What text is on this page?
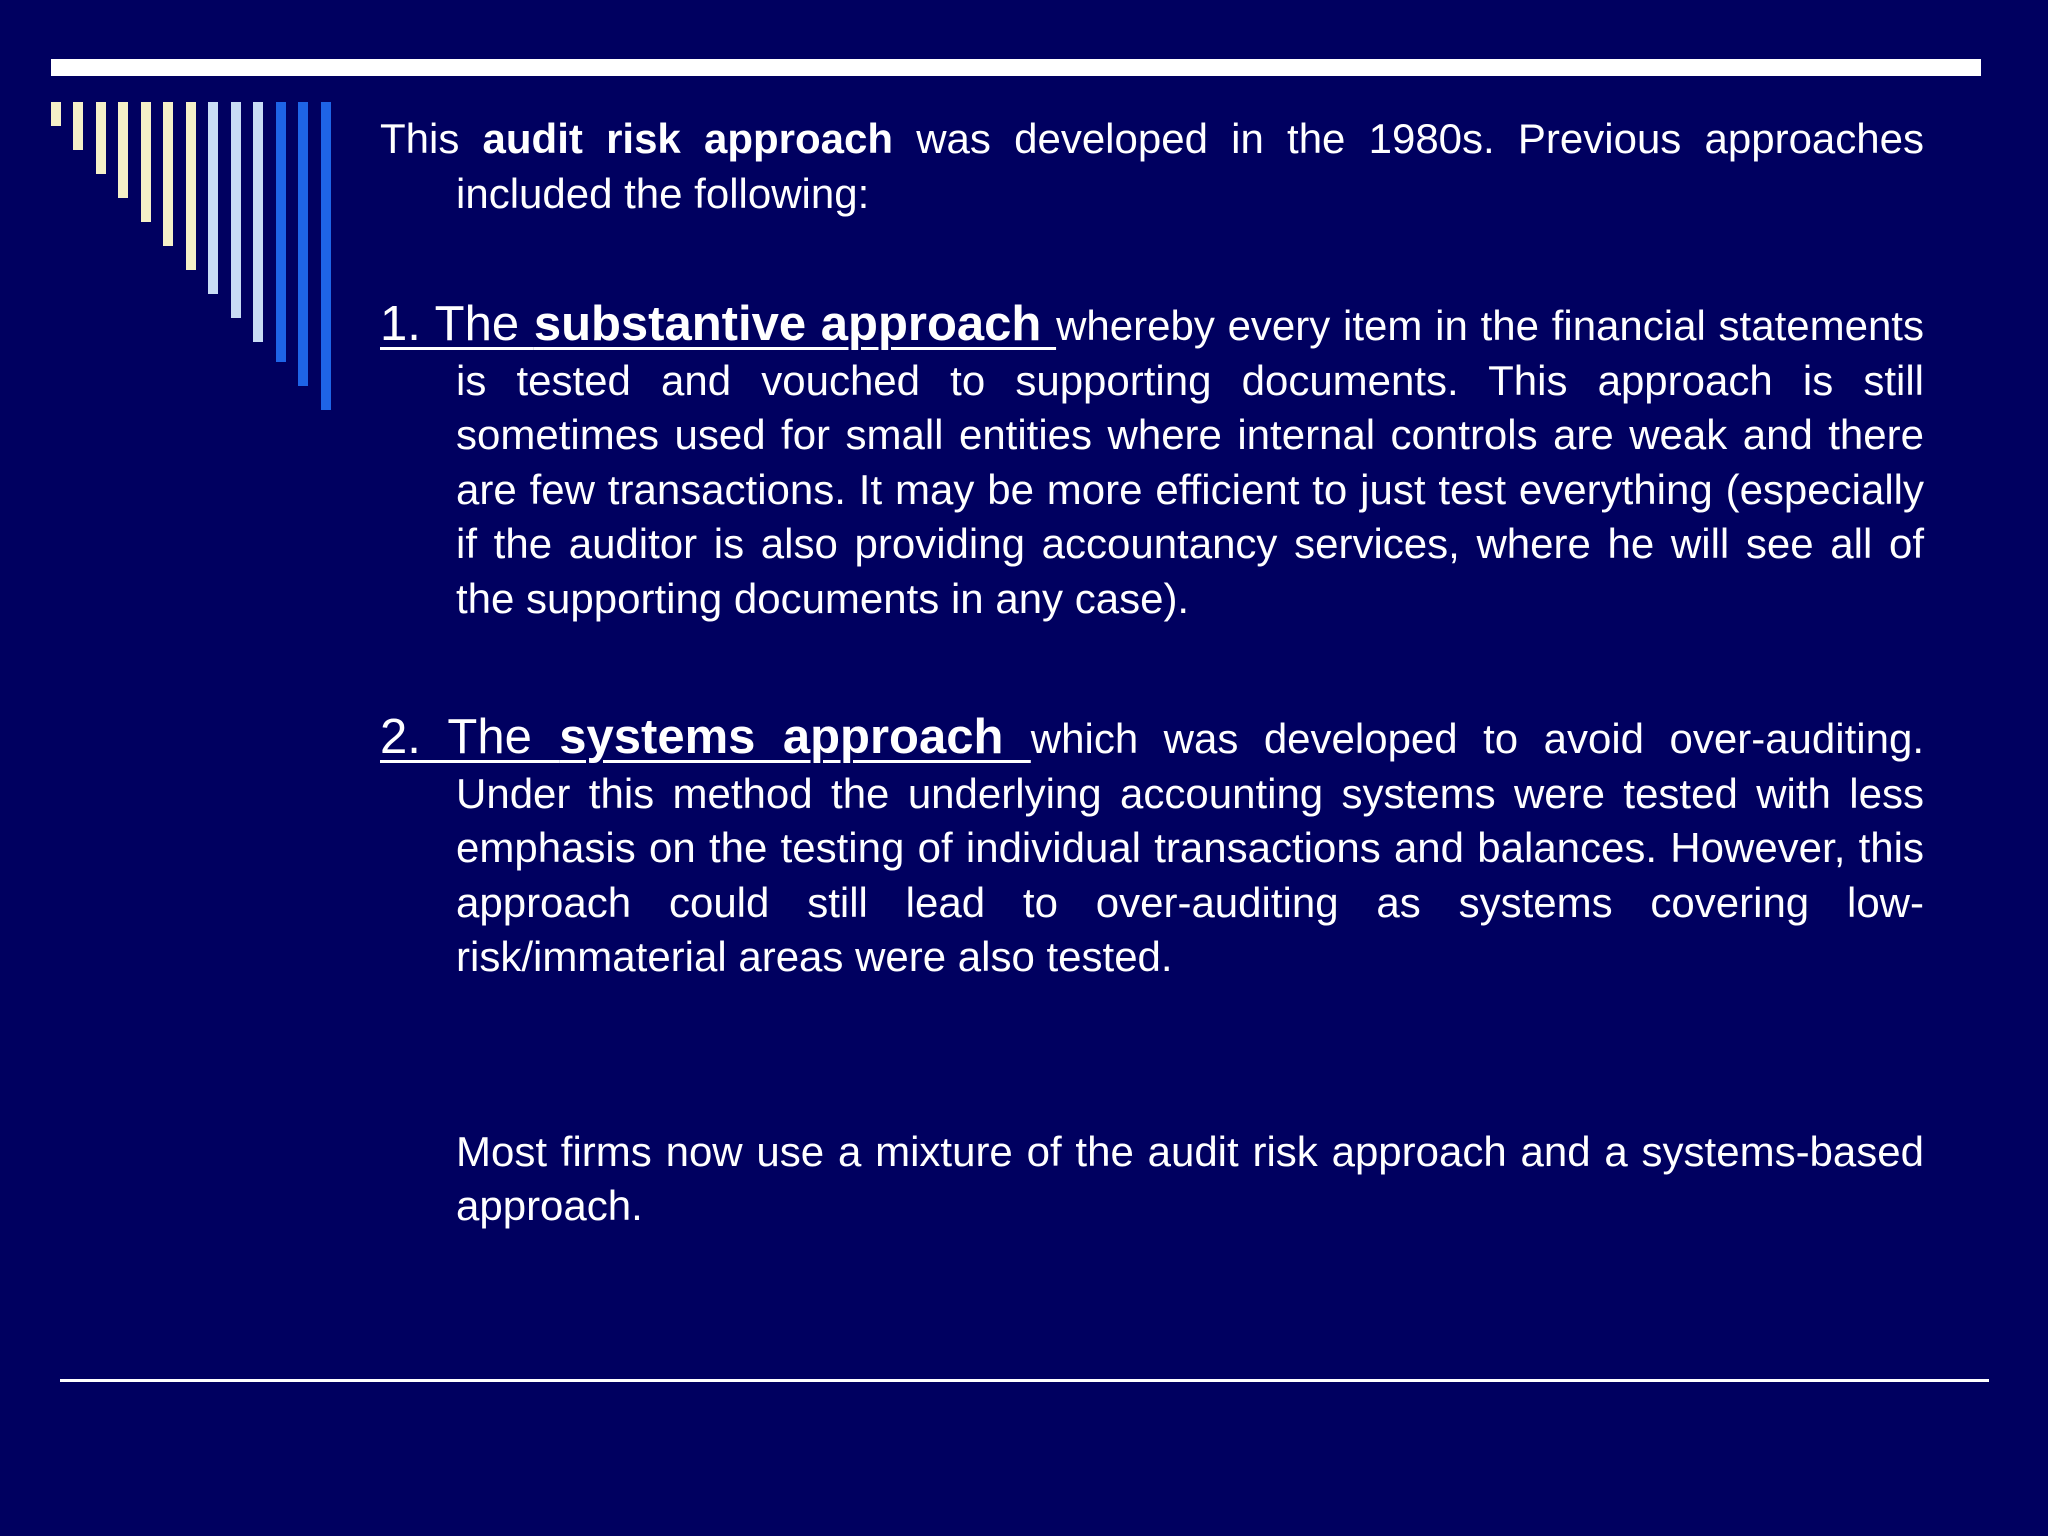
This audit risk approach was developed in the 1980s. Previous approaches included the following:

1. The substantive approach whereby every item in the financial statements is tested and vouched to supporting documents. This approach is still sometimes used for small entities where internal controls are weak and there are few transactions. It may be more efficient to just test everything (especially if the auditor is also providing accountancy services, where he will see all of the supporting documents in any case).

2. The systems approach which was developed to avoid over-auditing. Under this method the underlying accounting systems were tested with less emphasis on the testing of individual transactions and balances. However, this approach could still lead to over-auditing as systems covering low- risk/immaterial areas were also tested.

Most firms now use a mixture of the audit risk approach and a systems-based approach.
